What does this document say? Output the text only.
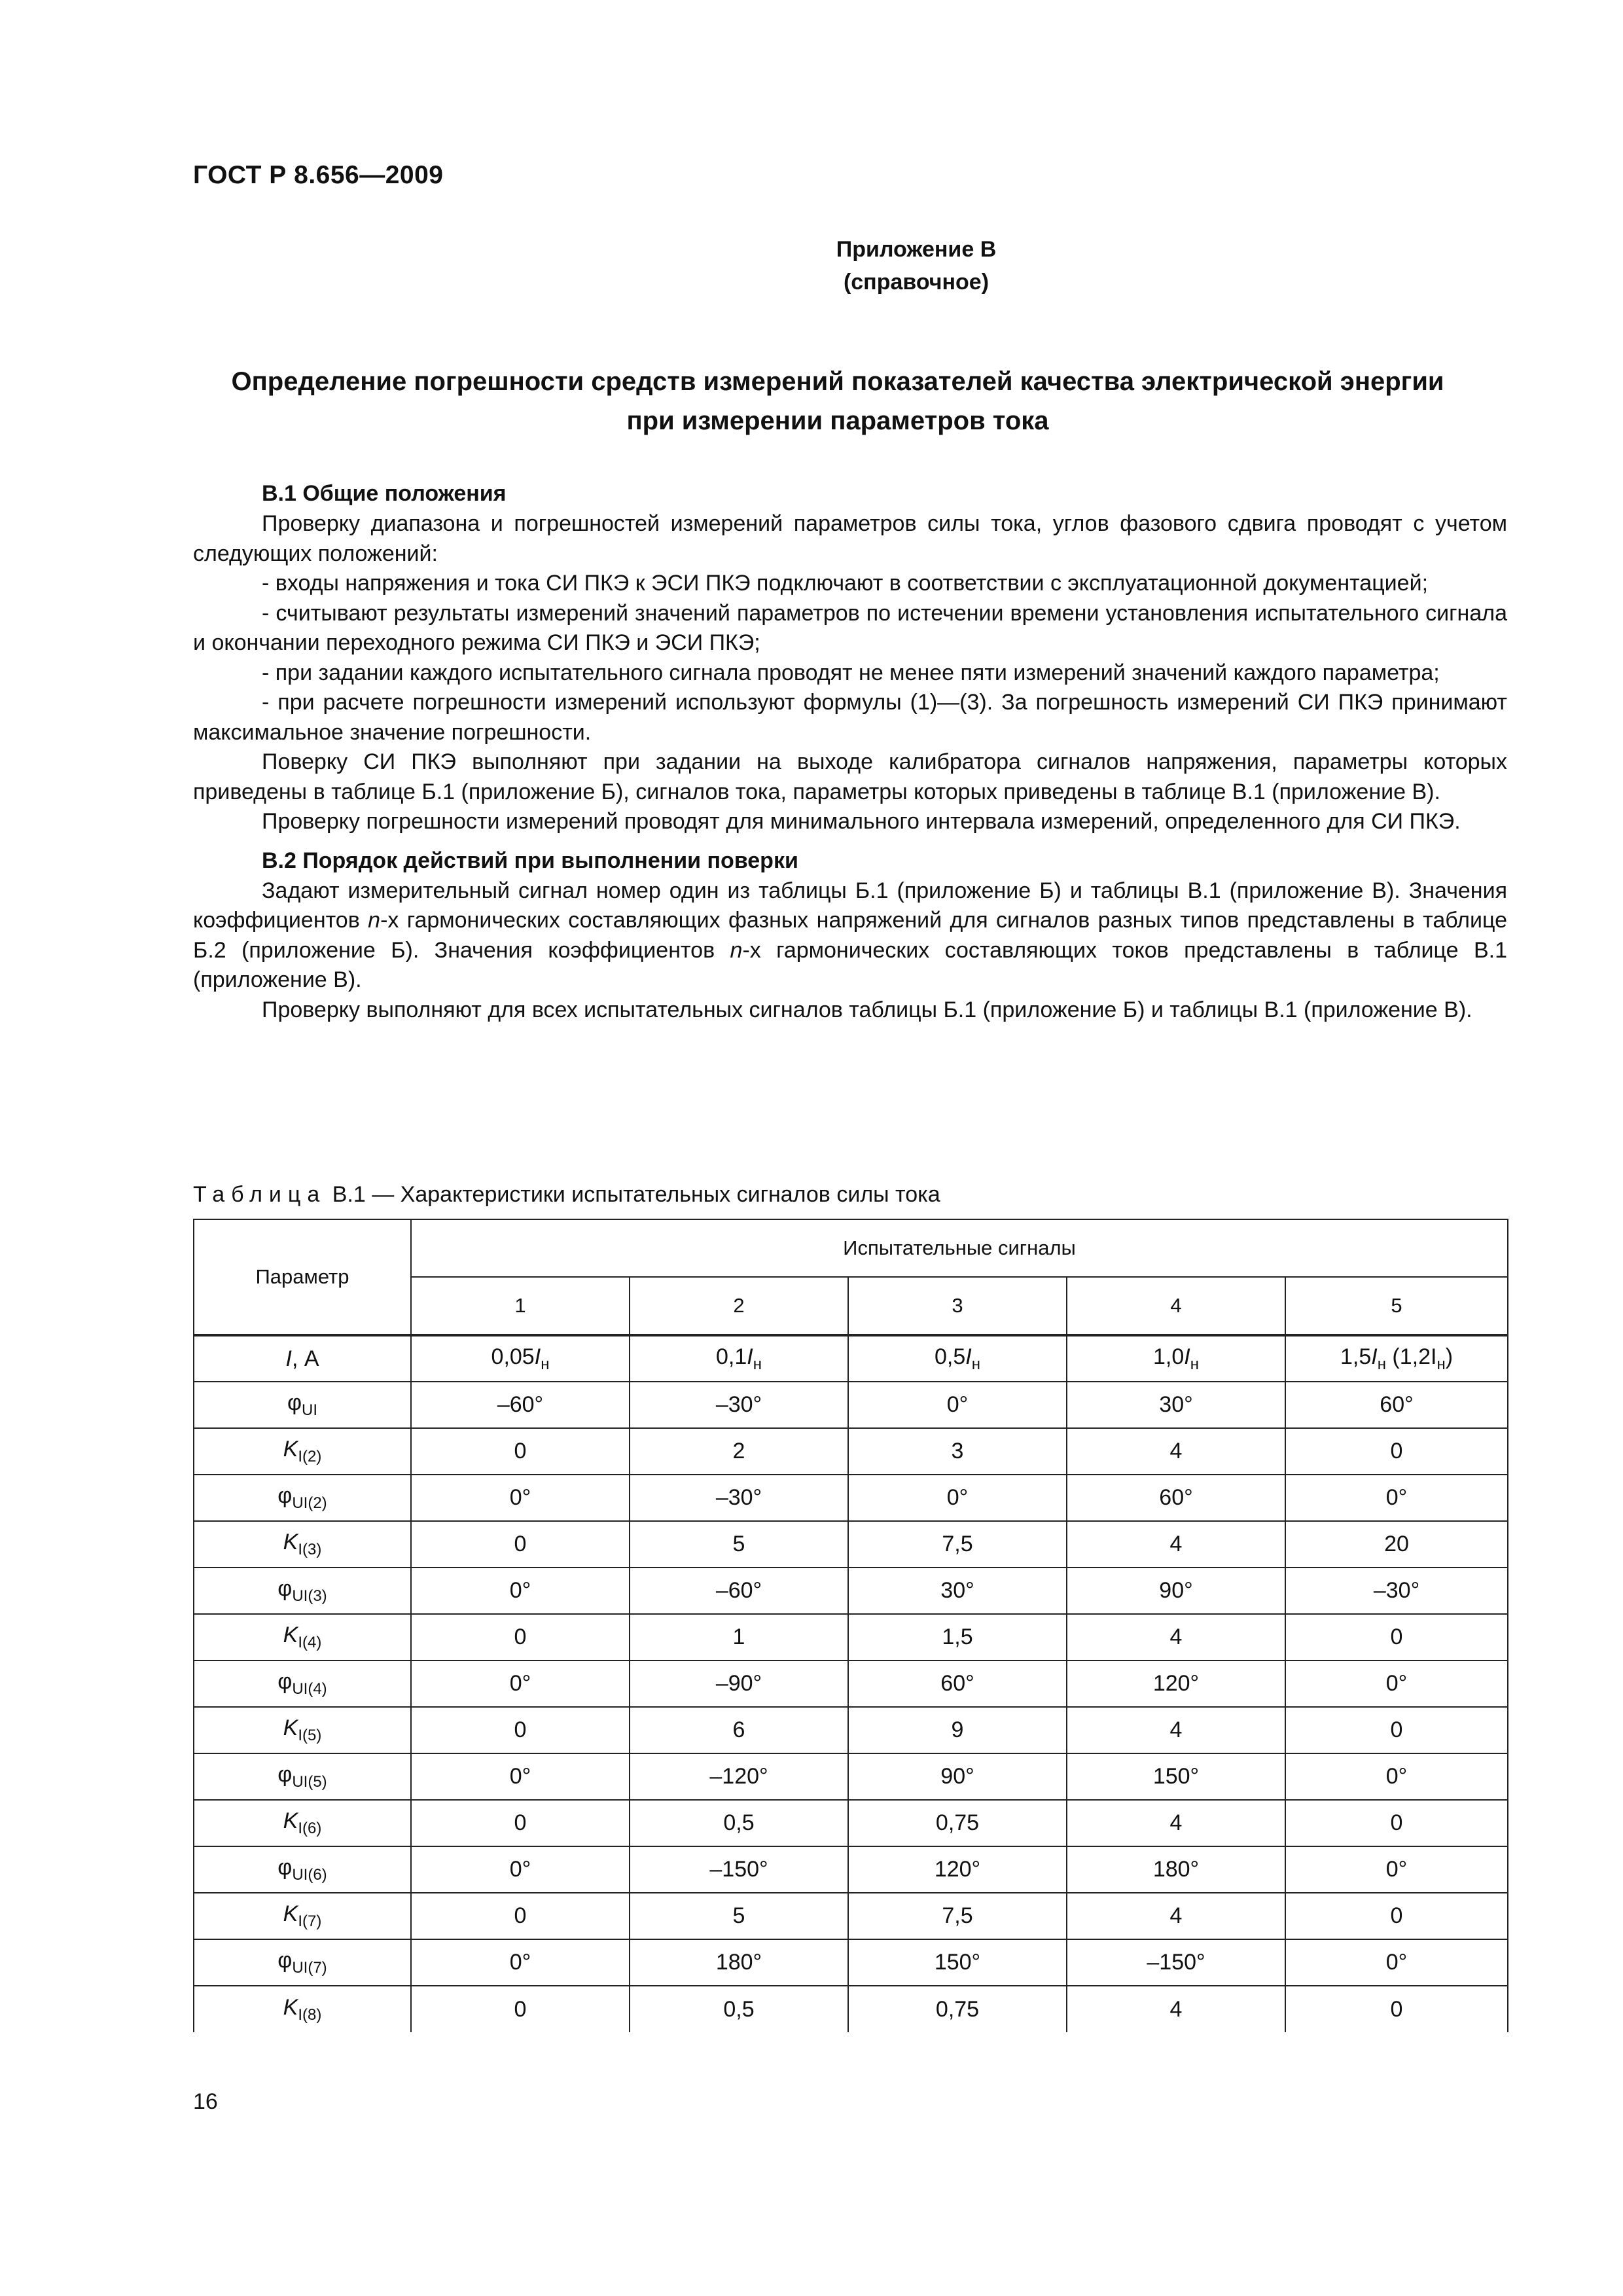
ГОСТ Р 8.656—2009
Приложение В
(справочное)
Определение погрешности средств измерений показателей качества электрической энергии
при измерении параметров тока
В.1 Общие положения

Проверку диапазона и погрешностей измерений параметров силы тока, углов фазового сдвига проводят с учетом следующих положений:

- входы напряжения и тока СИ ПКЭ к ЭСИ ПКЭ подключают в соответствии с эксплуатационной документацией;

- считывают результаты измерений значений параметров по истечении времени установления испытательного сигнала и окончании переходного режима СИ ПКЭ и ЭСИ ПКЭ;

- при задании каждого испытательного сигнала проводят не менее пяти измерений значений каждого параметра;

- при расчете погрешности измерений используют формулы (1)—(3). За погрешность измерений СИ ПКЭ принимают максимальное значение погрешности.

Поверку СИ ПКЭ выполняют при задании на выходе калибратора сигналов напряжения, параметры которых приведены в таблице Б.1 (приложение Б), сигналов тока, параметры которых приведены в таблице В.1 (приложение В).

Проверку погрешности измерений проводят для минимального интервала измерений, определенного для СИ ПКЭ.

В.2 Порядок действий при выполнении поверки

Задают измерительный сигнал номер один из таблицы Б.1 (приложение Б) и таблицы В.1 (приложение В). Значения коэффициентов n-х гармонических составляющих фазных напряжений для сигналов разных типов представлены в таблице Б.2 (приложение Б). Значения коэффициентов n-х гармонических составляющих токов представлены в таблице В.1 (приложение В).

Проверку выполняют для всех испытательных сигналов таблицы Б.1 (приложение Б) и таблицы В.1 (приложение В).

Таблица В.1 — Характеристики испытательных сигналов силы тока
Параметр	Испытательные сигналы				
	1	2	3	4	5
I, А	$0,05I_н$	$0,1I_н$	$0,5I_н$	$1,0I_н$	$1,5I_н$ $(1,2I_н)$
$\varphi_{UI}$	–60°	–30°	0°	30°	60°
$K_{I(2)}$	0	2	3	4	0
$\varphi_{UI(2)}$	0°	–30°	0°	60°	0°
$K_{I(3)}$	0	5	7,5	4	20
$\varphi_{UI(3)}$	0°	–60°	30°	90°	–30°
$K_{I(4)}$	0	1	1,5	4	0
$\varphi_{UI(4)}$	0°	–90°	60°	120°	0°
$K_{I(5)}$	0	6	9	4	0
$\varphi_{UI(5)}$	0°	–120°	90°	150°	0°
$K_{I(6)}$	0	0,5	0,75	4	0
$\varphi_{UI(6)}$	0°	–150°	120°	180°	0°
$K_{I(7)}$	0	5	7,5	4	0
$\varphi_{UI(7)}$	0°	180°	150°	–150°	0°
$K_{I(8)}$	0	0,5	0,75	4	0
16
